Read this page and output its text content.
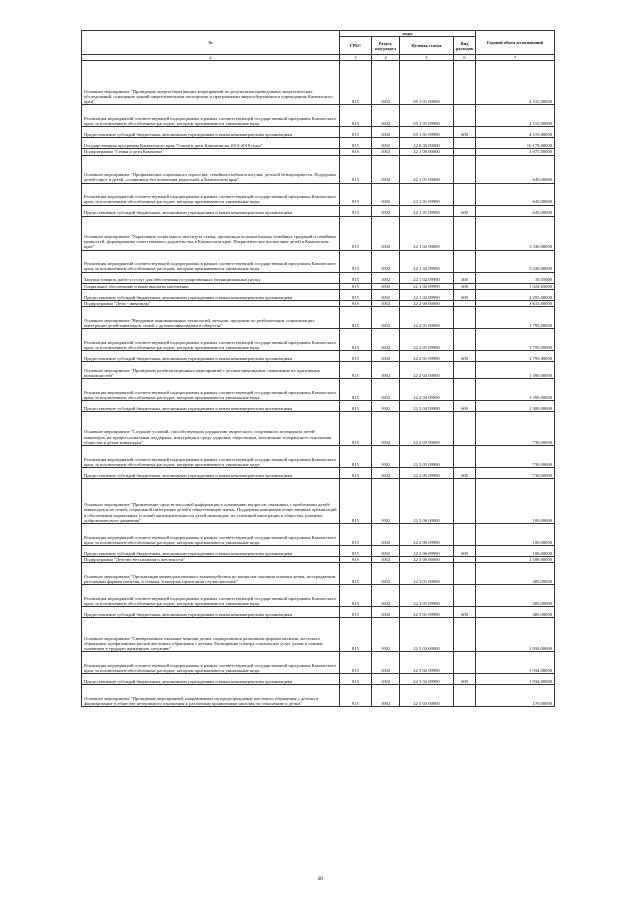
№	коды				Годовой объем ассигнований
	ГРБС	Раздел, под-раздел	Целевая статья	Вид расходов	
2	3	4	5	6	7
Основное мероприятие "Проведение энергосберегающих мероприятий по результатам проведенных энергетических обследований, оснащение зданий энергетическими паспортами и программами энергосбережения в учреждениях Камчатского края"	815	1002	05 1 01 00000		4 515,00000
Реализация мероприятий соответствующей подпрограммы в рамках соответствующей государственной программы Камчатского края, за исключением обособленных расходов, которым присваиваются уникальные коды	815	1002	05 1 01 09990		4 515,00000
Предоставление субсидий бюджетным, автономным учреждениям и иным некоммерческим организациям	815	1002	05 1 01 09990	600	4 515,00000
Государственная программа Камчатского края "Семья и дети Камчатки на 2015-2018 годы"	815	1002	22 0 00 00000		10 179,00000
Подпрограмма "Семья и дети Камчатки"	815	1002	22 1 00 00000		3 975,00000
Основное мероприятие "Профилактика социального сиротства, семейного неблагополучия, детской безнадзорности. Поддержка детей-сирот и детей, оставшихся без попечения родителей, в Камчатском крае"	815	1002	22 1 01 00000		645,00000
Реализация мероприятий соответствующей подпрограммы в рамках соответствующей государственной программы Камчатского края, за исключением обособленных расходов, которым присваиваются уникальные коды	815	1002	22 1 01 09990		645,00000
Предоставление субсидий бюджетным, автономным учреждениям и иным некоммерческим организациям	815	1002	22 1 01 09990	600	645,00000
Основное мероприятие "Укрепление социального института семьи, пропаганда положительных семейных традиций и семейных ценностей, формирование ответственного родительства в Камчатском крае. Патриотическое воспитание детей в Камчатском крае"	815	1002	22 1 02 00000		3 330,00000
Реализация мероприятий соответствующей подпрограммы в рамках соответствующей государственной программы Камчатского края, за исключением обособленных расходов, которым присваиваются уникальные коды	815	1002	22 1 02 09990		3 330,00000
Закупка товаров, работ и услуг для обеспечения государственных (муниципальных) нужд	815	1002	22 1 02 09990	200	10,35000
Социальное обеспечение и иные выплаты населению	815	1002	22 1 02 09990	300	1 024,65000
Предоставление субсидий бюджетным, автономным учреждениям и иным некоммерческим организациям	815	1002	22 1 02 09990	600	2 295,00000
Подпрограмма "Дети - инвалиды"	815	1002	22 2 00 00000		3 615,00000
Основное мероприятие "Внедрение инновационных технологий, методик, программ по реабилитации, социализации, интеграции детей-инвалидов, семей с детьми-инвалидами в общество"	815	1002	22 2 01 00000		1 795,00000
Реализация мероприятий соответствующей подпрограммы в рамках соответствующей государственной программы Камчатского края, за исключением обособленных расходов, которым присваиваются уникальные коды	815	1002	22 2 01 09990		1 795,00000
Предоставление субсидий бюджетным, автономным учреждениям и иным некоммерческим организациям	815	1002	22 2 01 09990	600	1 795,00000
Основное мероприятие "Проведение реабилитационных мероприятий с детьми-инвалидами, повышение их адаптивных возможностей"	815	1002	22 2 04 00000		1 390,00000
Реализация мероприятий соответствующей подпрограммы в рамках соответствующей государственной программы Камчатского края, за исключением обособленных расходов, которым присваиваются уникальные коды	815	1002	22 2 04 09990		1 390,00000
Предоставление субсидий бюджетным, автономным учреждениям и иным некоммерческим организациям	815	1002	22 2 04 09990	600	1 390,00000
Основное мероприятие "Создание условий, способствующих раскрытию творческого, спортивного потенциала детей-инвалидов, их профессиональная поддержка, интеграция в среду здоровых сверстников, воспитание толерантного отношения общества к детям-инвалидам"	815	1002	22 2 05 00000		730,00000
Реализация мероприятий соответствующей подпрограммы в рамках соответствующей государственной программы Камчатского края, за исключением обособленных расходов, которым присваиваются уникальные коды	815	1002	22 2 05 09990		730,00000
Предоставление субсидий бюджетным, автономным учреждениям и иным некоммерческим организациям	815	1002	22 2 05 09990	600	730,00000
Основное мероприятие "Привлечение средств массовой информации к освещению вопросов, связанных с проблемами детей-инвалидов и их семей, социальной интеграции детей в общественную жизнь. Поддержка инициатив общественных организаций в обеспечении нормальных условий жизнедеятельности детей-инвалидов, их успешной интеграции в общество, развитие добровольческого движения"	815	1002	22 2 06 00000		100,00000
Реализация мероприятий соответствующей подпрограммы в рамках соответствующей государственной программы Камчатского края, за исключением обособленных расходов, которым присваиваются уникальные коды	815	1002	22 2 06 09990		100,00000
Предоставление субсидий бюджетным, автономным учреждениям и иным некоммерческим организациям	815	1002	22 2 06 09990	600	100,00000
Подпрограмма "Детство без насилия и жестокости"	815	1002	22 3 00 00000		2 589,00000
Основное мероприятие "Организация межведомственного взаимодействия по вопросам оказания помощи детям, пострадавшим различным формам насилия, и семьям, в которых произошли случаи насилия"	815	1002	22 3 01 00000		485,00000
Реализация мероприятий соответствующей подпрограммы в рамках соответствующей государственной программы Камчатского края, за исключением обособленных расходов, которым присваиваются уникальные коды	815	1002	22 3 01 09990		485,00000
Предоставление субсидий бюджетным, автономным учреждениям и иным некоммерческим организациям	815	1002	22 3 01 09990	600	485,00000
Основное мероприятие "Своевременное оказание помощи детям, подвергшимся различным формам насилия, жестокого обращения, профилактика рисков жестокого обращения с детьми. Расширение спектра социальных услуг детям и семьям, попавшим в трудную жизненную ситуацию"	815	1002	22 3 02 00000		1 934,00000
Реализация мероприятий соответствующей подпрограммы в рамках соответствующей государственной программы Камчатского края, за исключением обособленных расходов, которым присваиваются уникальные коды	815	1002	22 3 02 09990		1 934,00000
Предоставление субсидий бюджетным, автономным учреждениям и иным некоммерческим организациям	815	1002	22 3 02 09990	600	1 934,00000
Основное мероприятие "Проведение мероприятий, направленных на предупреждение жестокого обращения с детьми и формирование в обществе нетерпимого отношения к различным проявлениям насилия по отношению к детям"	815	1002	22 3 03 00000		170,00000
40
